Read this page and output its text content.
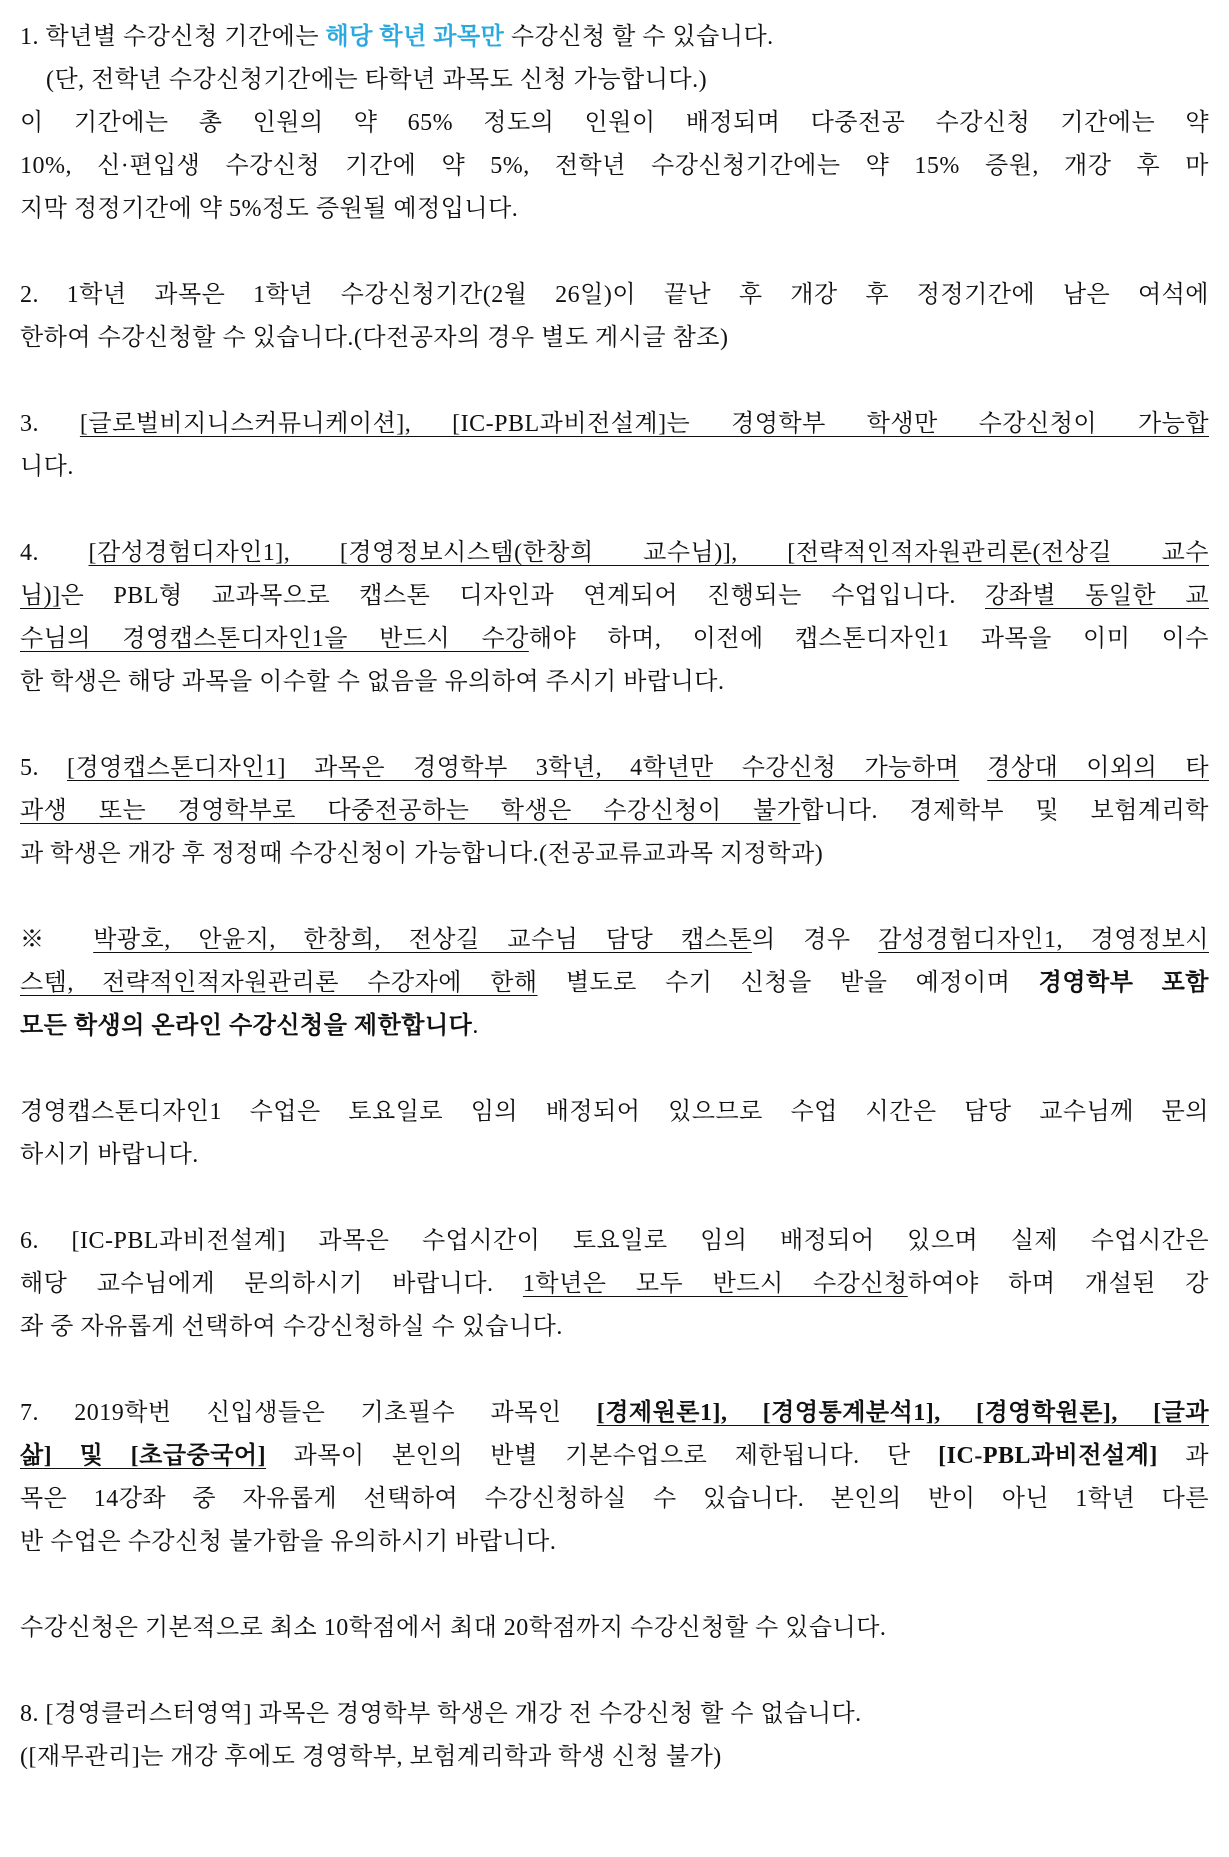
1. 학년별 수강신청 기간에는 해당 학년 과목만 수강신청 할 수 있습니다.
(단, 전학년 수강신청기간에는 타학년 과목도 신청 가능합니다.)
이 기간에는 총 인원의 약 65% 정도의 인원이 배정되며 다중전공 수강신청 기간에는 약
10%, 신·편입생 수강신청 기간에 약 5%, 전학년 수강신청기간에는 약 15% 증원, 개강 후 마
지막 정정기간에 약 5%정도 증원될 예정입니다.
2. 1학년 과목은 1학년 수강신청기간(2월 26일)이 끝난 후 개강 후 정정기간에 남은 여석에
한하여 수강신청할 수 있습니다.(다전공자의 경우 별도 게시글 참조)
3. [글로벌비지니스커뮤니케이션], [IC-PBL과비전설계]는 경영학부 학생만 수강신청이 가능합
니다.
4. [감성경험디자인1], [경영정보시스템(한창희 교수님)], [전략적인적자원관리론(전상길 교수
님)]은 PBL형 교과목으로 캡스톤 디자인과 연계되어 진행되는 수업입니다. 강좌별 동일한 교
수님의 경영캡스톤디자인1을 반드시 수강해야 하며, 이전에 캡스톤디자인1 과목을 이미 이수
한 학생은 해당 과목을 이수할 수 없음을 유의하여 주시기 바랍니다.
5. [경영캡스톤디자인1] 과목은 경영학부 3학년, 4학년만 수강신청 가능하며 경상대 이외의 타
과생 또는 경영학부로 다중전공하는 학생은 수강신청이 불가합니다. 경제학부 및 보험계리학
과 학생은 개강 후 정정때 수강신청이 가능합니다.(전공교류교과목 지정학과)
※ 박광호, 안윤지, 한창희, 전상길 교수님 담당 캡스톤의 경우 감성경험디자인1, 경영정보시
스템, 전략적인적자원관리론 수강자에 한해 별도로 수기 신청을 받을 예정이며 경영학부 포함
모든 학생의 온라인 수강신청을 제한합니다.
경영캡스톤디자인1 수업은 토요일로 임의 배정되어 있으므로 수업 시간은 담당 교수님께 문의
하시기 바랍니다.
6. [IC-PBL과비전설계] 과목은 수업시간이 토요일로 임의 배정되어 있으며 실제 수업시간은
해당 교수님에게 문의하시기 바랍니다. 1학년은 모두 반드시 수강신청하여야 하며 개설된 강
좌 중 자유롭게 선택하여 수강신청하실 수 있습니다.
7. 2019학번 신입생들은 기초필수 과목인 [경제원론1], [경영통계분석1], [경영학원론], [글과
삶] 및 [초급중국어] 과목이 본인의 반별 기본수업으로 제한됩니다. 단 [IC-PBL과비전설계] 과
목은 14강좌 중 자유롭게 선택하여 수강신청하실 수 있습니다. 본인의 반이 아닌 1학년 다른
반 수업은 수강신청 불가함을 유의하시기 바랍니다.
수강신청은 기본적으로 최소 10학점에서 최대 20학점까지 수강신청할 수 있습니다.
8. [경영클러스터영역] 과목은 경영학부 학생은 개강 전 수강신청 할 수 없습니다.
([재무관리]는 개강 후에도 경영학부, 보험계리학과 학생 신청 불가)
